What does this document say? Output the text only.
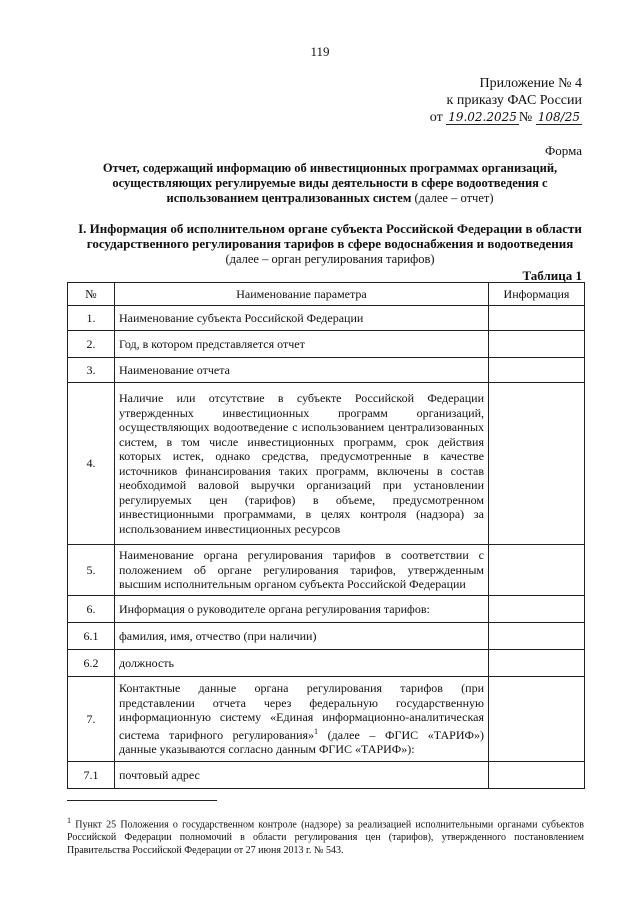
119
Приложение № 4
к приказу ФАС России
от 19.02.2025 № 108/25
Форма
Отчет, содержащий информацию об инвестиционных программах организаций, осуществляющих регулируемые виды деятельности в сфере водоотведения с использованием централизованных систем (далее – отчет)
I. Информация об исполнительном органе субъекта Российской Федерации в области государственного регулирования тарифов в сфере водоснабжения и водоотведения
(далее – орган регулирования тарифов)
Таблица 1
№	Наименование параметра	Информация
1.	Наименование субъекта Российской Федерации	
2.	Год, в котором представляется отчет	
3.	Наименование отчета	
4.	Наличие или отсутствие в субъекте Российской Федерации утвержденных инвестиционных программ организаций, осуществляющих водоотведение с использованием централизованных систем, в том числе инвестиционных программ, срок действия которых истек, однако средства, предусмотренные в качестве источников финансирования таких программ, включены в состав необходимой валовой выручки организаций при установлении регулируемых цен (тарифов) в объеме, предусмотренном инвестиционными программами, в целях контроля (надзора) за использованием инвестиционных ресурсов	
5.	Наименование органа регулирования тарифов в соответствии с положением об органе регулирования тарифов, утвержденным высшим исполнительным органом субъекта Российской Федерации	
6.	Информация о руководителе органа регулирования тарифов:	
6.1	фамилия, имя, отчество (при наличии)	
6.2	должность	
7.	Контактные данные органа регулирования тарифов (при представлении отчета через федеральную государственную информационную систему «Единая информационно-аналитическая система тарифного регулирования»$^1$ (далее – ФГИС «ТАРИФ») данные указываются согласно данным ФГИС «ТАРИФ»):	
7.1	почтовый адрес	
$^1$ Пункт 25 Положения о государственном контроле (надзоре) за реализацией исполнительными органами субъектов Российской Федерации полномочий в области регулирования цен (тарифов), утвержденного постановлением Правительства Российской Федерации от 27 июня 2013 г. № 543.
